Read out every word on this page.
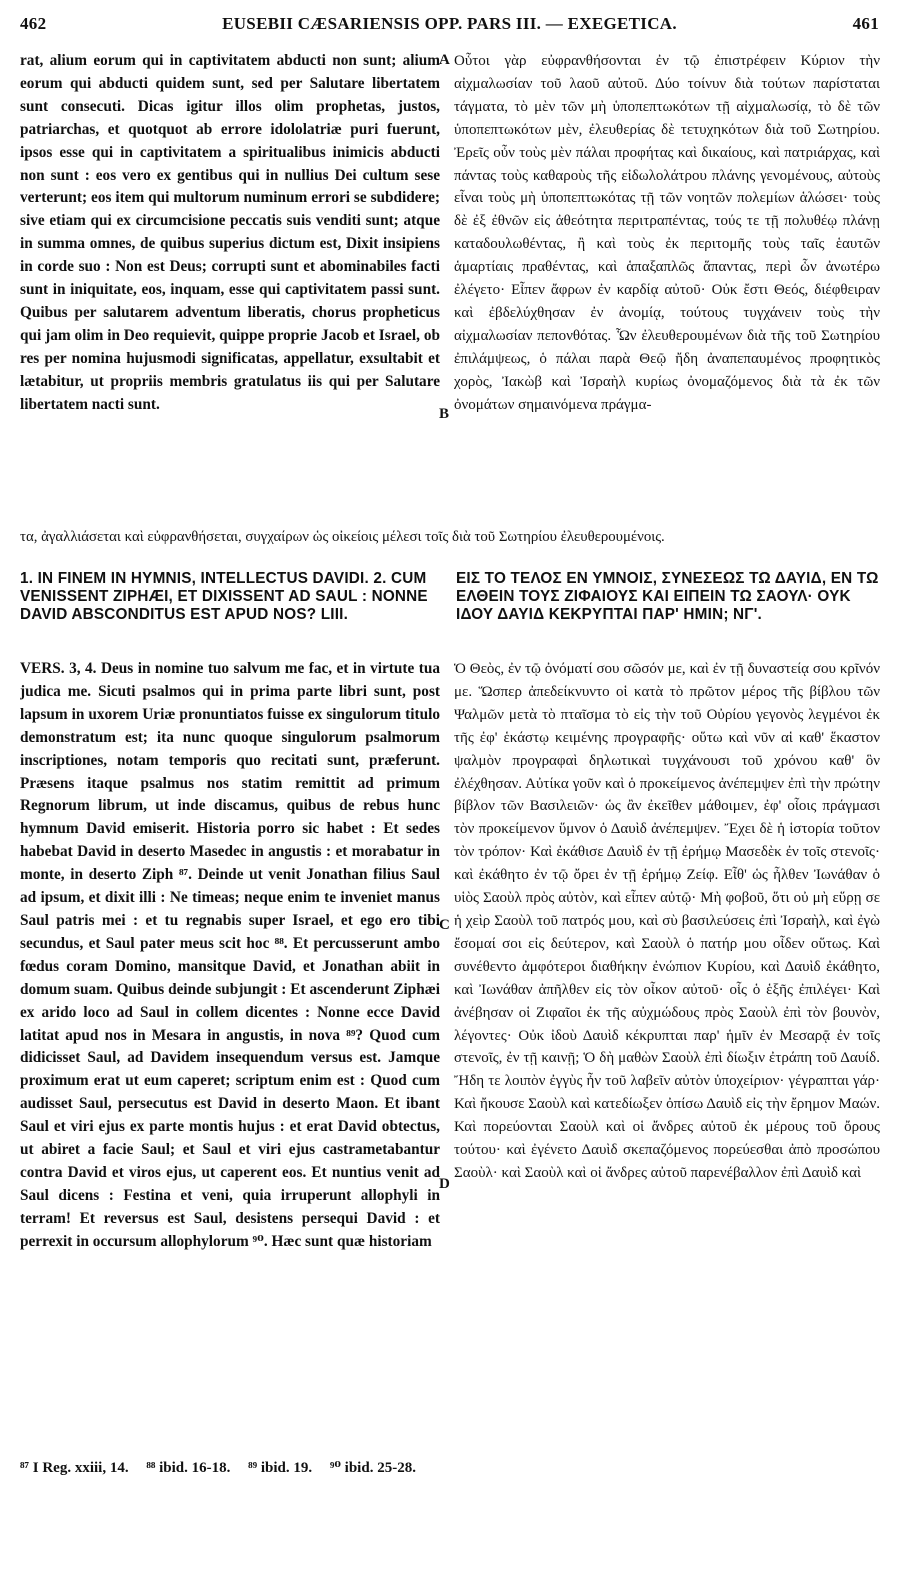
462	EUSEBII CÆSARIENSIS OPP. PARS III. — EXEGETICA.	461

rat, alium eorum qui in captivitatem abducti non sunt; alium eorum qui abducti quidem sunt, sed per Salutare libertatem sunt consecuti. Dicas igitur illos olim prophetas, justos, patriarchas, et quotquot ab errore idololatriæ puri fuerunt, ipsos esse qui in captivitatem a spiritualibus inimicis abducti non sunt : eos vero ex gentibus qui in nullius Dei cultum sese verterunt; eos item qui multorum numinum errori se subdidere; sive etiam qui ex circumcisione peccatis suis venditi sunt; atque in summa omnes, de quibus superius dictum est, Dixit insipiens in corde suo : Non est Deus; corrupti sunt et abominabiles facti sunt in iniquitate, eos, inquam, esse qui captivitatem passi sunt. Quibus per salutarem adventum liberatis, chorus propheticus qui jam olim in Deo requievit, quippe proprie Jacob et Israel, ob res per nomina hujusmodi significatas, appellatur, exsultabit et lætabitur, ut propriis membris gratulatus iis qui per Salutare libertatem nacti sunt.

Οὗτοι γὰρ εὐφρανθήσονται ἐν τῷ ἐπιστρέφειν Κύριον τὴν αἰχμαλωσίαν τοῦ λαοῦ αὐτοῦ. Δύο τοίνυν διὰ τούτων παρίσταται τάγματα, τὸ μὲν τῶν μὴ ὑποπεπτωκότων τῇ αἰχμαλωσίᾳ, τὸ δὲ τῶν ὑποπεπτωκότων μὲν, ἐλευθερίας δὲ τετυχηκότων διὰ τοῦ Σωτηρίου. Ἐρεῖς οὖν τοὺς μὲν πάλαι προφήτας καὶ δικαίους, καὶ πατριάρχας, καὶ πάντας τοὺς καθαροὺς τῆς εἰδωλολάτρου πλάνης γενομένους, αὐτοὺς εἶναι τοὺς μὴ ὑποπεπτωκότας τῇ τῶν νοητῶν πολεμίων ἁλώσει· τοὺς δὲ ἐξ ἐθνῶν εἰς ἀθεότητα περιτραπέντας, τούς τε τῇ πολυθέῳ πλάνῃ καταδουλωθέντας, ἢ καὶ τοὺς ἐκ περιτομῆς τοὺς ταῖς ἑαυτῶν ἁμαρτίαις πραθέντας, καὶ ἁπαξαπλῶς ἅπαντας, περὶ ὧν ἀνωτέρω ἐλέγετο· Εἶπεν ἄφρων ἐν καρδίᾳ αὐτοῦ· Οὐκ ἔστι Θεός, διέφθειραν καὶ ἐβδελύχθησαν ἐν ἀνομίᾳ, τούτους τυγχάνειν τοὺς τὴν αἰχμαλωσίαν πεπονθότας. Ὧν ἐλευθερουμένων διὰ τῆς τοῦ Σωτηρίου ἐπιλάμψεως, ὁ πάλαι παρὰ Θεῷ ἤδη ἀναπεπαυμένος προφητικὸς χορὸς, Ἰακὼβ καὶ Ἰσραὴλ κυρίως ὀνομαζόμενος διὰ τὰ ἐκ τῶν ὀνομάτων σημαινόμενα πράγμα-

τα, ἀγαλλιάσεται καὶ εὐφρανθήσεται, συγχαίρων ὡς οἰκείοις μέλεσι τοῖς διὰ τοῦ Σωτηρίου ἐλευθερουμένοις.
A
B
C
D
1. IN FINEM IN HYMNIS, INTELLECTUS DAVIDI. 2. CUM VENISSENT ZIPHÆI, ET DIXISSENT AD SAUL : NONNE DAVID ABSCONDITUS EST APUD NOS? LIII.
ΕΙΣ ΤΟ ΤΕΛΟΣ ΕΝ ΥΜΝΟΙΣ, ΣΥΝΕΣΕΩΣ ΤΩ ΔΑΥΙΔ, ΕΝ ΤΩ ΕΛΘΕΙΝ ΤΟΥΣ ΖΙΦΑΙΟΥΣ ΚΑΙ ΕΙΠΕΙΝ ΤΩ ΣΑΟΥΛ· ΟΥΚ ΙΔΟΥ ΔΑΥΙΔ ΚΕΚΡΥΠΤΑΙ ΠΑΡ' ΗΜΙΝ; ΝΓ'.

VERS. 3, 4. Deus in nomine tuo salvum me fac, et in virtute tua judica me. Sicuti psalmos qui in prima parte libri sunt, post lapsum in uxorem Uriæ pronuntiatos fuisse ex singulorum titulo demonstratum est; ita nunc quoque singulorum psalmorum inscriptiones, notam temporis quo recitati sunt, præferunt. Præsens itaque psalmus nos statim remittit ad primum Regnorum librum, ut inde discamus, quibus de rebus hunc hymnum David emiserit. Historia porro sic habet : Et sedes habebat David in deserto Masedec in angustis : et morabatur in monte, in deserto Ziph ⁸⁷. Deinde ut venit Jonathan filius Saul ad ipsum, et dixit illi : Ne timeas; neque enim te inveniet manus Saul patris mei : et tu regnabis super Israel, et ego ero tibi secundus, et Saul pater meus scit hoc ⁸⁸. Et percusserunt ambo fœdus coram Domino, mansitque David, et Jonathan abiit in domum suam. Quibus deinde subjungit : Et ascenderunt Ziphæi ex arido loco ad Saul in collem dicentes : Nonne ecce David latitat apud nos in Mesara in angustis, in nova ⁸⁹? Quod cum didicisset Saul, ad Davidem insequendum versus est. Jamque proximum erat ut eum caperet; scriptum enim est : Quod cum audisset Saul, persecutus est David in deserto Maon. Et ibant Saul et viri ejus ex parte montis hujus : et erat David obtectus, ut abiret a facie Saul; et Saul et viri ejus castrametabantur contra David et viros ejus, ut caperent eos. Et nuntius venit ad Saul dicens : Festina et veni, quia irruperunt allophyli in terram! Et reversus est Saul, desistens persequi David : et perrexit in occursum allophylorum ⁹⁰. Hæc sunt quæ historiam

Ὁ Θεὸς, ἐν τῷ ὀνόματί σου σῶσόν με, καὶ ἐν τῇ δυναστείᾳ σου κρῖνόν με. Ὥσπερ ἀπεδείκνυντο οἱ κατὰ τὸ πρῶτον μέρος τῆς βίβλου τῶν Ψαλμῶν μετὰ τὸ πταῖσμα τὸ εἰς τὴν τοῦ Οὐρίου γεγονὸς λεγμένοι ἐκ τῆς ἐφ' ἑκάστῳ κειμένης προγραφῆς· οὕτω καὶ νῦν αἱ καθ' ἕκαστον ψαλμὸν προγραφαὶ δηλωτικαὶ τυγχάνουσι τοῦ χρόνου καθ' ὃν ἐλέχθησαν. Αὐτίκα γοῦν καὶ ὁ προκείμενος ἀνέπεμψεν ἐπὶ τὴν πρώτην βίβλον τῶν Βασιλειῶν· ὡς ἂν ἐκεῖθεν μάθοιμεν, ἐφ' οἷοις πράγμασι τὸν προκείμενον ὕμνον ὁ Δαυὶδ ἀνέπεμψεν. Ἔχει δὲ ἡ ἱστορία τοῦτον τὸν τρόπον· Καὶ ἐκάθισε Δαυὶδ ἐν τῇ ἐρήμῳ Μασεδὲκ ἐν τοῖς στενοῖς· καὶ ἐκάθητο ἐν τῷ ὄρει ἐν τῇ ἐρήμῳ Ζείφ. Εἶθ' ὡς ἦλθεν Ἰωνάθαν ὁ υἱὸς Σαοὺλ πρὸς αὐτὸν, καὶ εἶπεν αὐτῷ· Μὴ φοβοῦ, ὅτι οὐ μὴ εὕρῃ σε ἡ χεὶρ Σαοὺλ τοῦ πατρός μου, καὶ σὺ βασιλεύσεις ἐπὶ Ἰσραὴλ, καὶ ἐγὼ ἔσομαί σοι εἰς δεύτερον, καὶ Σαοὺλ ὁ πατήρ μου οἶδεν οὕτως. Καὶ συνέθεντο ἀμφότεροι διαθήκην ἐνώπιον Κυρίου, καὶ Δαυὶδ ἐκάθητο, καὶ Ἰωνάθαν ἀπῆλθεν εἰς τὸν οἶκον αὐτοῦ· οἷς ὁ ἑξῆς ἐπιλέγει· Καὶ ἀνέβησαν οἱ Ζιφαῖοι ἐκ τῆς αὐχμώδους πρὸς Σαοὺλ ἐπὶ τὸν βουνὸν, λέγοντες· Οὐκ ἰδοὺ Δαυὶδ κέκρυπται παρ' ἡμῖν ἐν Μεσαρᾷ ἐν τοῖς στενοῖς, ἐν τῇ καινῇ; Ὁ δὴ μαθὼν Σαοὺλ ἐπὶ δίωξιν ἐτράπη τοῦ Δαυίδ. Ἤδη τε λοιπὸν ἐγγὺς ἦν τοῦ λαβεῖν αὐτὸν ὑποχείριον· γέγραπται γάρ· Καὶ ἤκουσε Σαοὺλ καὶ κατεδίωξεν ὀπίσω Δαυὶδ εἰς τὴν ἔρημον Μαών. Καὶ πορεύονται Σαοὺλ καὶ οἱ ἄνδρες αὐτοῦ ἐκ μέρους τοῦ ὄρους τούτου· καὶ ἐγένετο Δαυὶδ σκεπαζόμενος πορεύεσθαι ἀπὸ προσώπου Σαοὺλ· καὶ Σαοὺλ καὶ οἱ ἄνδρες αὐτοῦ παρενέβαλλον ἐπὶ Δαυὶδ καὶ

⁸⁷ I Reg. xxiii, 14. ⁸⁸ ibid. 16-18. ⁸⁹ ibid. 19. ⁹⁰ ibid. 25-28.
